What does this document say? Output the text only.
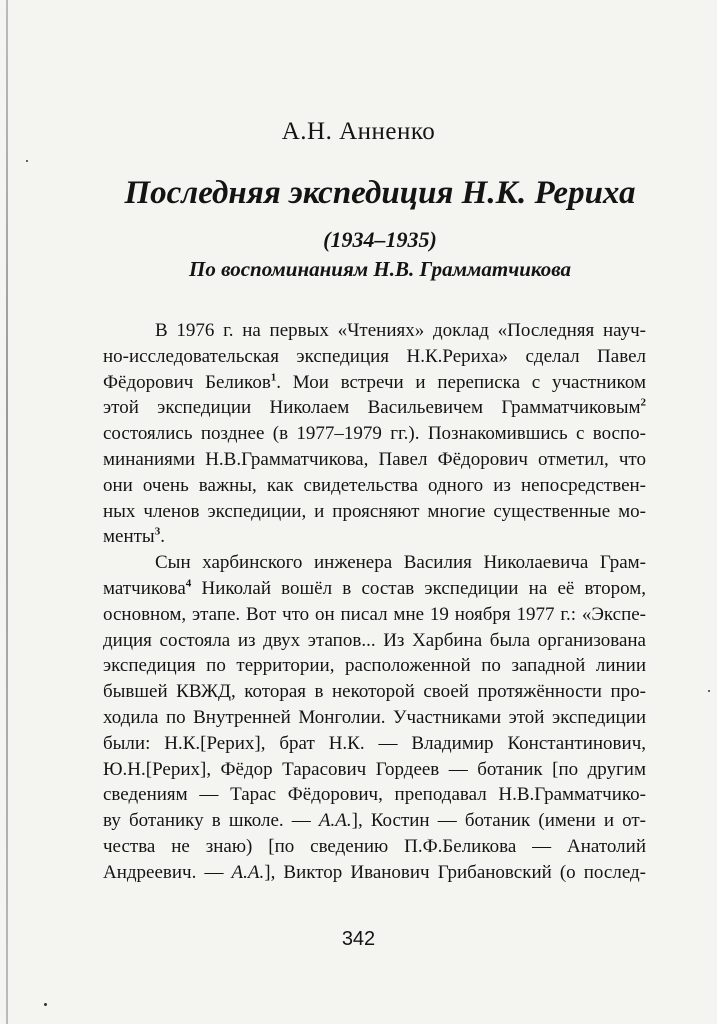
А.Н. Анненко
Последняя экспедиция Н.К. Рериха
(1934–1935)
По воспоминаниям Н.В. Грамматчикова
В 1976 г. на первых «Чтениях» доклад «Последняя науч-
но-исследовательская экспедиция Н.К.Рериха» сделал Павел
Фёдорович Беликов$^1$. Мои встречи и переписка с участником
этой экспедиции Николаем Васильевичем Грамматчиковым$^2$
состоялись позднее (в 1977–1979 гг.). Познакомившись с воспо-
минаниями Н.В.Грамматчикова, Павел Фёдорович отметил, что
они очень важны, как свидетельства одного из непосредствен-
ных членов экспедиции, и проясняют многие существенные мо-
менты$^3$.
Сын харбинского инженера Василия Николаевича Грам-
матчикова$^4$ Николай вошёл в состав экспедиции на её втором,
основном, этапе. Вот что он писал мне 19 ноября 1977 г.: «Экспе-
диция состояла из двух этапов... Из Харбина была организована
экспедиция по территории, расположенной по западной линии
бывшей КВЖД, которая в некоторой своей протяжённости про-
ходила по Внутренней Монголии. Участниками этой экспедиции
были: Н.К.[Рерих], брат Н.К. — Владимир Константинович,
Ю.Н.[Рерих], Фёдор Тарасович Гордеев — ботаник [по другим
сведениям — Тарас Фёдорович, преподавал Н.В.Грамматчико-
ву ботанику в школе. — А.А.], Костин — ботаник (имени и от-
чества не знаю) [по сведению П.Ф.Беликова — Анатолий
Андреевич. — А.А.], Виктор Иванович Грибановский (о послед-
342
